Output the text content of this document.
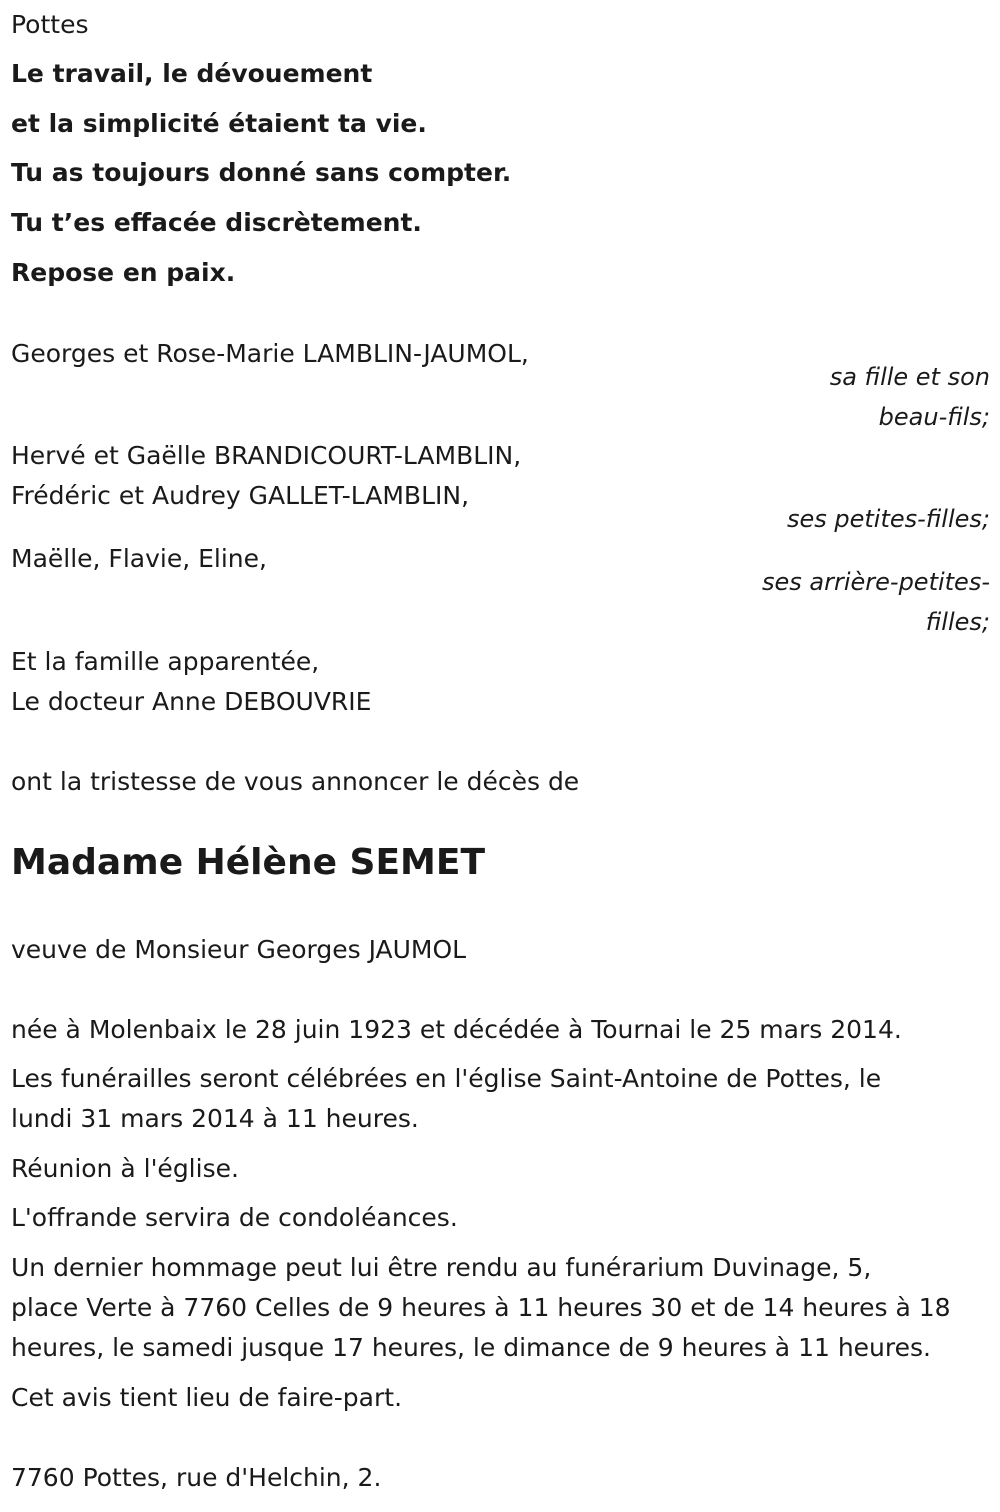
Pottes
Le travail, le dévouement
et la simplicité étaient ta vie.
Tu as toujours donné sans compter.
Tu t’es effacée discrètement.
Repose en paix.
Georges et Rose-Marie LAMBLIN-JAUMOL,
sa fille et son
beau-fils;
Hervé et Gaëlle BRANDICOURT-LAMBLIN,
Frédéric et Audrey GALLET-LAMBLIN,
ses petites-filles;
Maëlle, Flavie, Eline,
ses arrière-petites-
filles;
Et la famille apparentée,
Le docteur Anne DEBOUVRIE
ont la tristesse de vous annoncer le décès de
Madame Hélène SEMET
veuve de Monsieur Georges JAUMOL
née à Molenbaix le 28 juin 1923 et décédée à Tournai le 25 mars 2014.
Les funérailles seront célébrées en l'église Saint-Antoine de Pottes, le
lundi 31 mars 2014 à 11 heures.
Réunion à l'église.
L'offrande servira de condoléances.
Un dernier hommage peut lui être rendu au funérarium Duvinage, 5,
place Verte à 7760 Celles de 9 heures à 11 heures 30 et de 14 heures à 18
heures, le samedi jusque 17 heures, le dimance de 9 heures à 11 heures.
Cet avis tient lieu de faire-part.
7760 Pottes, rue d'Helchin, 2.
